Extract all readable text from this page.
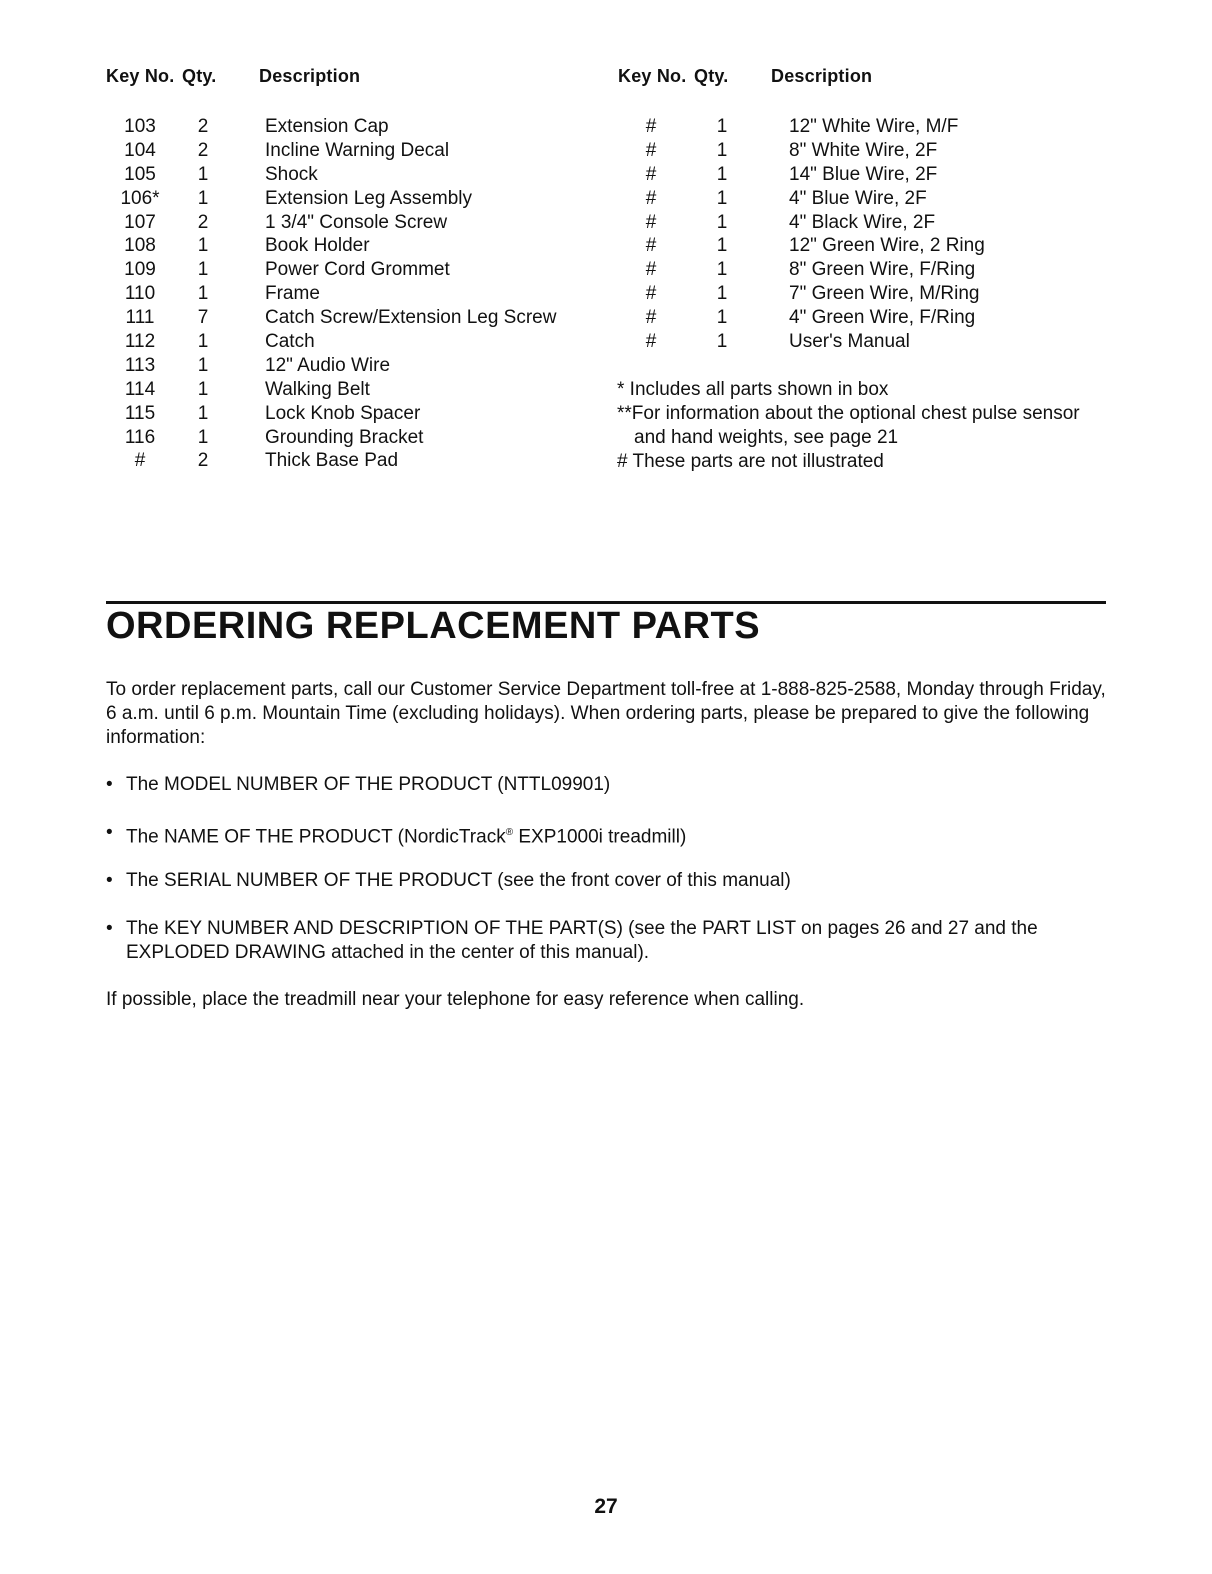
Key No. Qty. Description	Key No. Qty. Description
103	2	Extension Cap
104	2	Incline Warning Decal
105	1	Shock
106*	1	Extension Leg Assembly
107	2	1 3/4" Console Screw
108	1	Book Holder
109	1	Power Cord Grommet
110	1	Frame
111	7	Catch Screw/Extension Leg Screw
112	1	Catch
113	1	12" Audio Wire
114	1	Walking Belt
115	1	Lock Knob Spacer
116	1	Grounding Bracket
#	2	Thick Base Pad
#	1	12" White Wire, M/F
#	1	8" White Wire, 2F
#	1	14" Blue Wire, 2F
#	1	4" Blue Wire, 2F
#	1	4" Black Wire, 2F
#	1	12" Green Wire, 2 Ring
#	1	8" Green Wire, F/Ring
#	1	7" Green Wire, M/Ring
#	1	4" Green Wire, F/Ring
#	1	User's Manual
* Includes all parts shown in box
**For information about the optional chest pulse sensor
and hand weights, see page 21
# These parts are not illustrated
ORDERING REPLACEMENT PARTS
To order replacement parts, call our Customer Service Department toll-free at 1-888-825-2588, Monday through Friday, 6 a.m. until 6 p.m. Mountain Time (excluding holidays). When ordering parts, please be prepared to give the following information:
• The MODEL NUMBER OF THE PRODUCT (NTTL09901)
• The NAME OF THE PRODUCT (NordicTrack® EXP1000i treadmill)
• The SERIAL NUMBER OF THE PRODUCT (see the front cover of this manual)
• The KEY NUMBER AND DESCRIPTION OF THE PART(S) (see the PART LIST on pages 26 and 27 and the EXPLODED DRAWING attached in the center of this manual).
If possible, place the treadmill near your telephone for easy reference when calling.
27
